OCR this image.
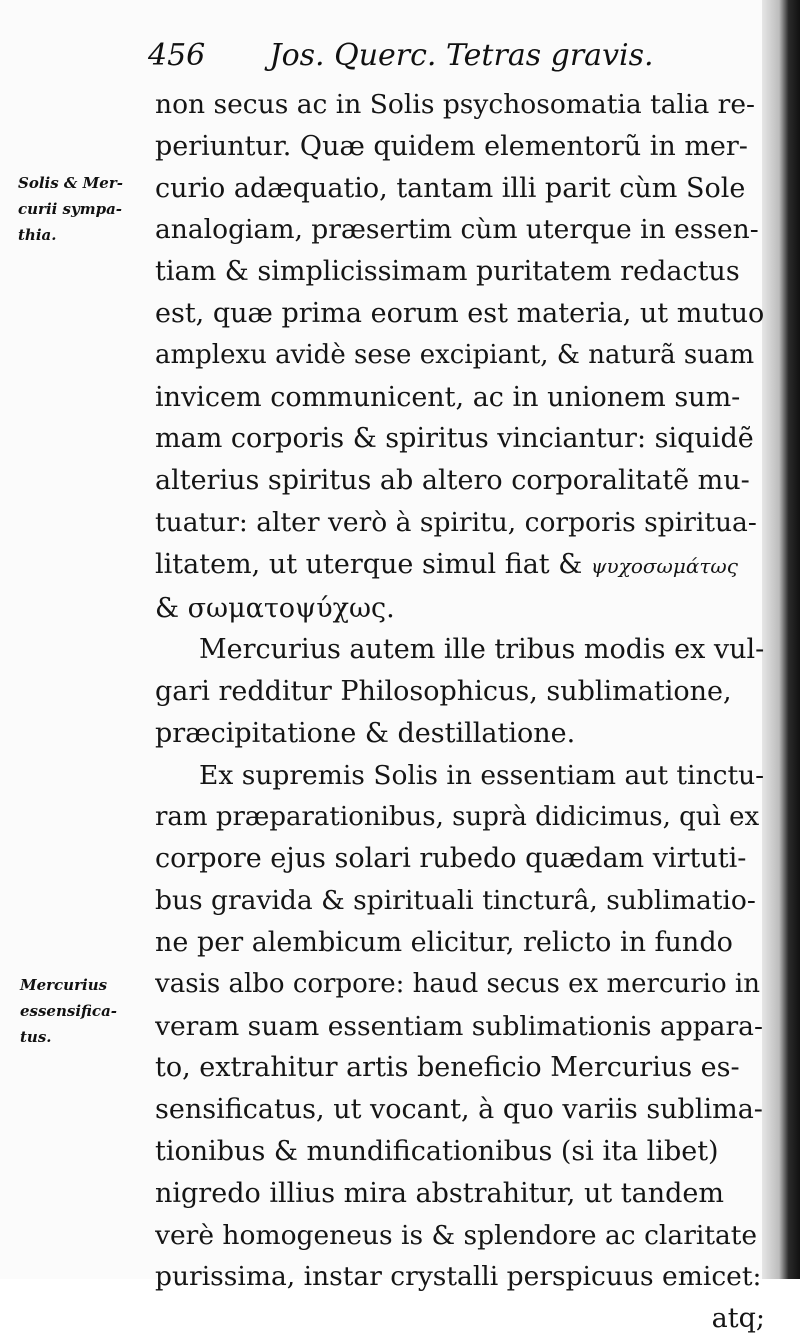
456 Jos. Querc. Tetras gravis.
Solis & Mer-
curii sympa-
thia.
Mercurius
essensifica-
tus.
non secus ac in Solis psychosomatia talia re-
periuntur. Quæ quidem elementorũ in mer-
curio adæquatio, tantam illi parit cùm Sole
analogiam, præsertim cùm uterque in essen-
tiam & simplicissimam puritatem redactus
est, quæ prima eorum est materia, ut mutuo
amplexu avidè sese excipiant, & naturã suam
invicem communicent, ac in unionem sum-
mam corporis & spiritus vinciantur: siquidẽ
alterius spiritus ab altero corporalitatẽ mu-
tuatur: alter verò à spiritu, corporis spiritua-
litatem, ut uterque simul fiat & ψυχοσωμάτως
& σωματοψύχως.
Mercurius autem ille tribus modis ex vul-
gari redditur Philosophicus, sublimatione,
præcipitatione & destillatione.
Ex supremis Solis in essentiam aut tinctu-
ram præparationibus, suprà didicimus, quì ex
corpore ejus solari rubedo quædam virtuti-
bus gravida & spirituali tincturâ, sublimatio-
ne per alembicum elicitur, relicto in fundo
vasis albo corpore: haud secus ex mercurio in
veram suam essentiam sublimationis appara-
to, extrahitur artis beneficio Mercurius es-
sensificatus, ut vocant, à quo variis sublima-
tionibus & mundificationibus (si ita libet)
nigredo illius mira abstrahitur, ut tandem
verè homogeneus is & splendore ac claritate
purissima, instar crystalli perspicuus emicet:
atq;
